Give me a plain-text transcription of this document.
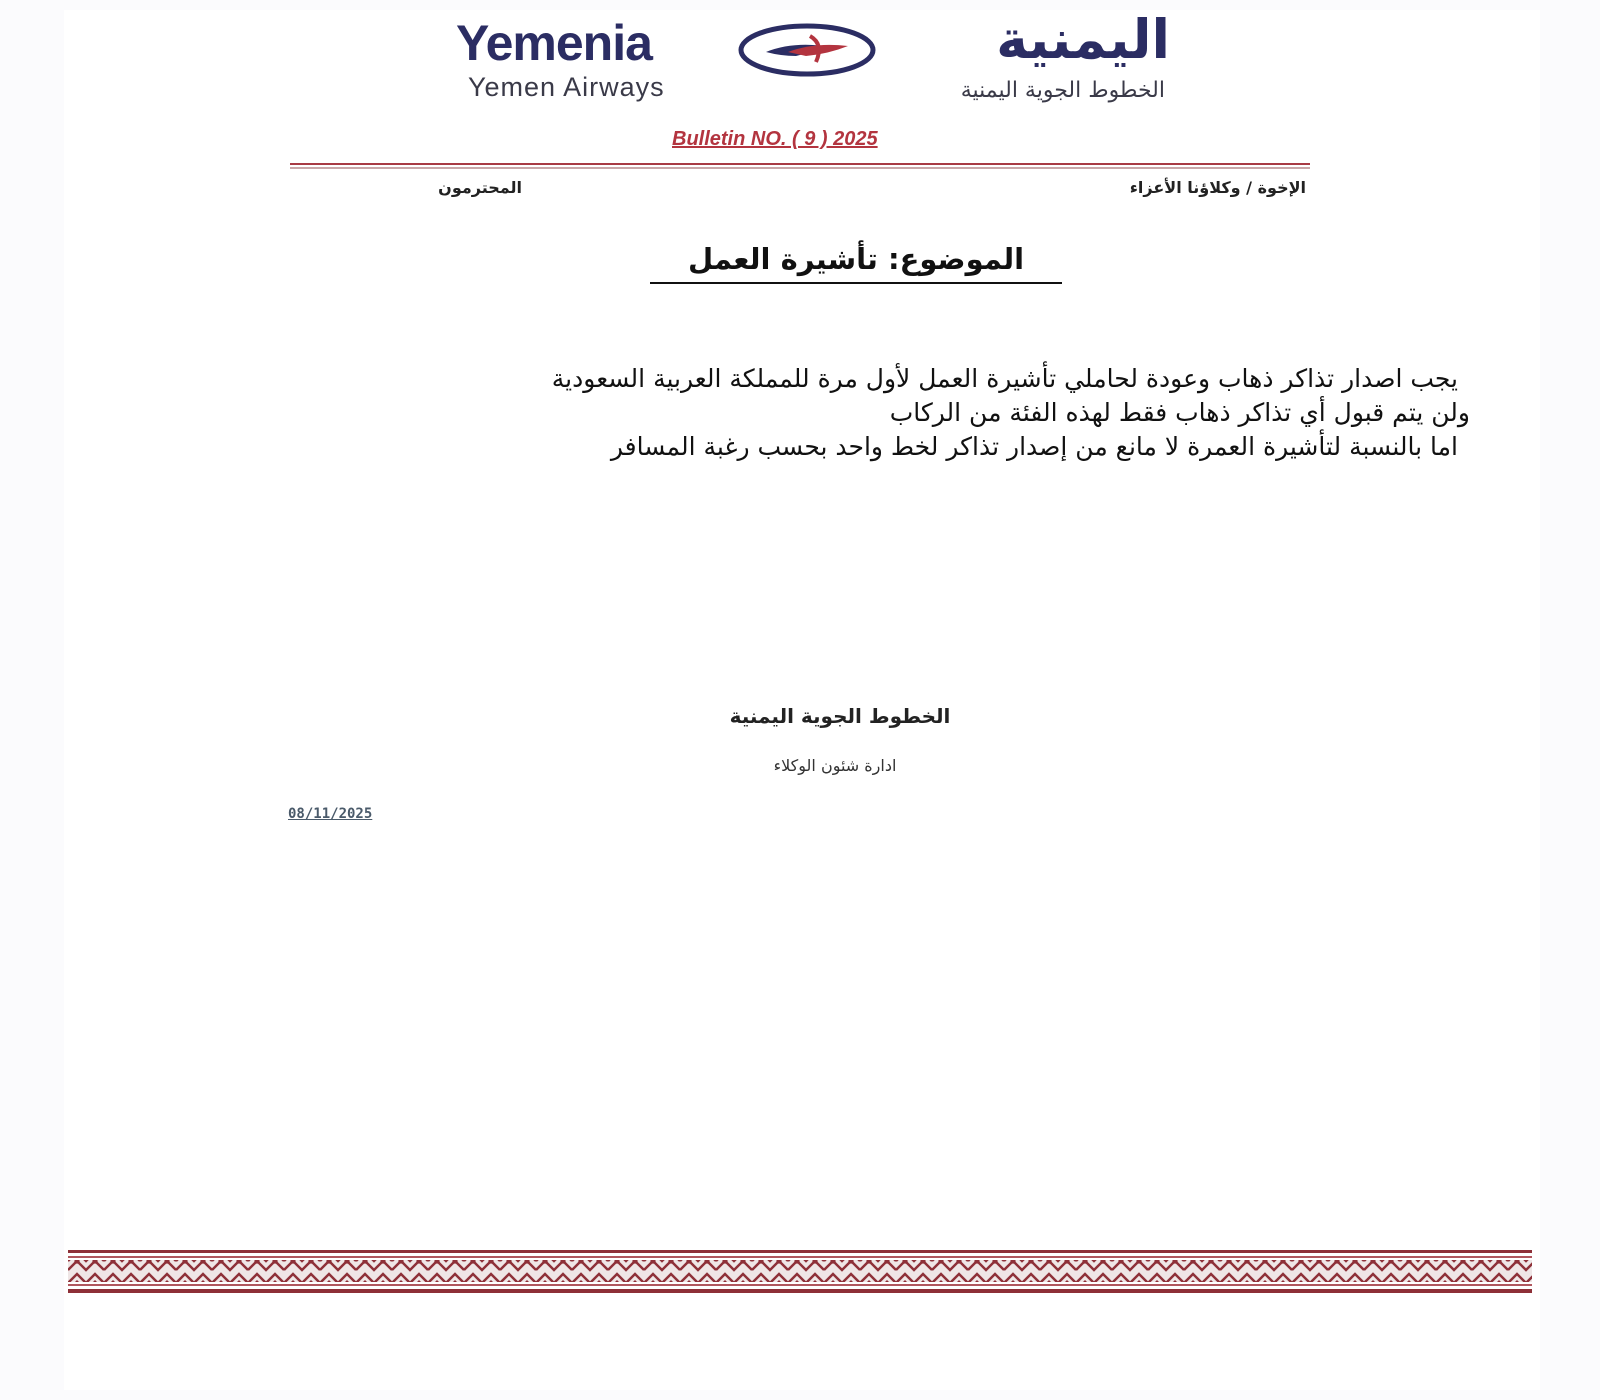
Yemenia
Yemen Airways
اليمنية
الخطوط الجوية اليمنية
Bulletin NO. ( 9 ) 2025
الإخوة / وكلاؤنا الأعزاء
المحترمون
الموضوع: تأشيرة العمل
يجب اصدار تذاكر ذهاب وعودة لحاملي تأشيرة العمل لأول مرة للمملكة العربية السعودية
ولن يتم قبول أي تذاكر ذهاب فقط لهذه الفئة من الركاب
اما بالنسبة لتأشيرة العمرة لا مانع من إصدار تذاكر لخط واحد بحسب رغبة المسافر
الخطوط الجوية اليمنية
ادارة شئون الوكلاء
08/11/2025
